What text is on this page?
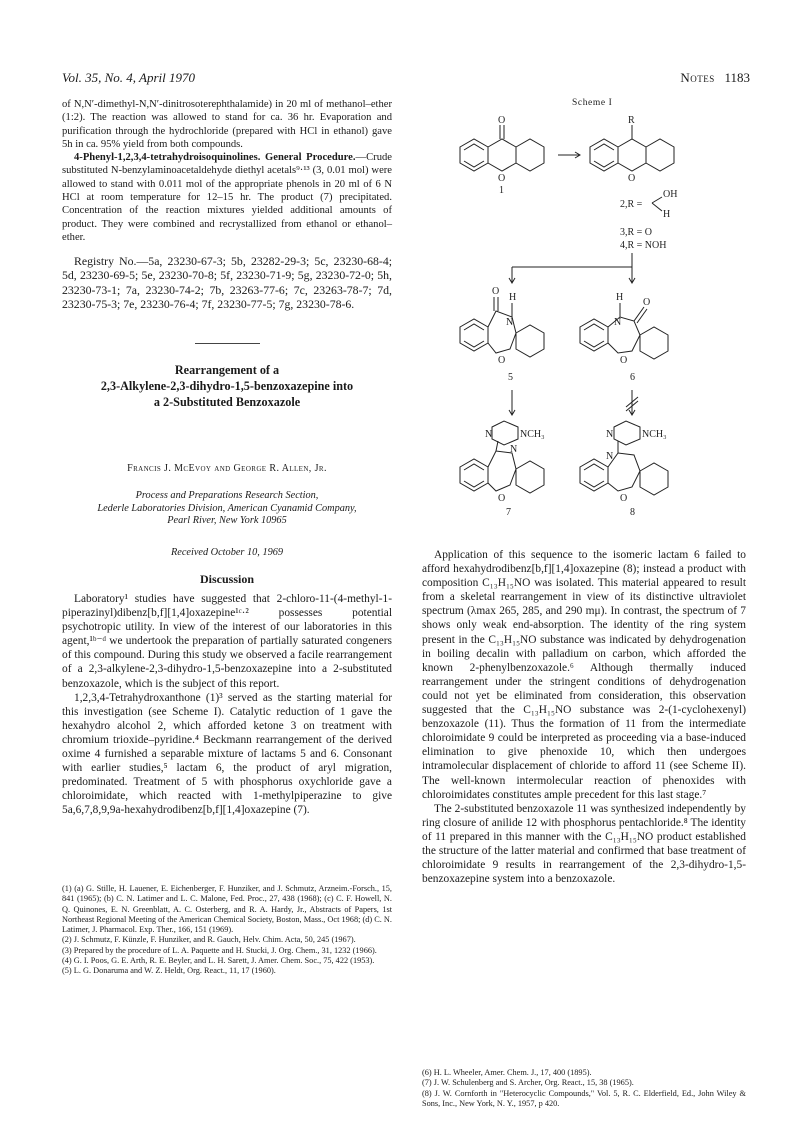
Vol. 35, No. 4, April 1970	Notes 1183

of N,N′-dimethyl-N,N′-dinitrosoterephthalamide) in 20 ml of methanol–ether (1:2). The reaction was allowed to stand for ca. 36 hr. Evaporation and purification through the hydrochloride (prepared with HCl in ethanol) gave 5h in ca. 95% yield from both compounds.

4-Phenyl-1,2,3,4-tetrahydroisoquinolines. General Procedure.—Crude substituted N-benzylaminoacetaldehyde diethyl acetals⁹·¹³ (3, 0.01 mol) were allowed to stand with 0.011 mol of the appropriate phenols in 20 ml of 6 N HCl at room temperature for 12–15 hr. The product (7) precipitated. Concentration of the reaction mixtures yielded additional amounts of product. They were combined and recrystallized from ethanol or ethanol–ether.

Registry No.—5a, 23230-67-3; 5b, 23282-29-3; 5c, 23230-68-4; 5d, 23230-69-5; 5e, 23230-70-8; 5f, 23230-71-9; 5g, 23230-72-0; 5h, 23230-73-1; 7a, 23230-74-2; 7b, 23263-77-6; 7c, 23263-78-7; 7d, 23230-75-3; 7e, 23230-76-4; 7f, 23230-77-5; 7g, 23230-78-6.

Rearrangement of a
2,3-Alkylene-2,3-dihydro-1,5-benzoxazepine into
a 2-Substituted Benzoxazole
Francis J. McEvoy and George R. Allen, Jr.
Process and Preparations Research Section,
Lederle Laboratories Division, American Cyanamid Company,
Pearl River, New York 10965
Received October 10, 1969
Discussion

Laboratory¹ studies have suggested that 2-chloro-11-(4-methyl-1-piperazinyl)dibenz[b,f][1,4]oxazepine¹ᶜ·² possesses potential psychotropic utility. In view of the interest of our laboratories in this agent,¹ᵇ⁻ᵈ we undertook the preparation of partially saturated congeners of this compound. During this study we observed a facile rearrangement of a 2,3-alkylene-2,3-dihydro-1,5-benzoxazepine into a 2-substituted benzoxazole, which is the subject of this report.

1,2,3,4-Tetrahydroxanthone (1)³ served as the starting material for this investigation (see Scheme I). Catalytic reduction of 1 gave the hexahydro alcohol 2, which afforded ketone 3 on treatment with chromium trioxide–pyridine.⁴ Beckmann rearrangement of the derived oxime 4 furnished a separable mixture of lactams 5 and 6. Consonant with earlier studies,⁵ lactam 6, the product of aryl migration, predominated. Treatment of 5 with phosphorus oxychloride gave a chloroimidate, which reacted with 1-methylpiperazine to give 5a,6,7,8,9,9a-hexahydrodibenz[b,f][1,4]oxazepine (7).

(1) (a) G. Stille, H. Lauener, E. Eichenberger, F. Hunziker, and J. Schmutz, Arzneim.-Forsch., 15, 841 (1965); (b) C. N. Latimer and L. C. Malone, Fed. Proc., 27, 438 (1968); (c) C. F. Howell, N. Q. Quinones, E. N. Greenblatt, A. C. Osterberg, and R. A. Hardy, Jr., Abstracts of Papers, 1st Northeast Regional Meeting of the American Chemical Society, Boston, Mass., Oct 1968; (d) C. N. Latimer, J. Pharmacol. Exp. Ther., 166, 151 (1969).

(2) J. Schmutz, F. Künzle, F. Hunziker, and R. Gauch, Helv. Chim. Acta, 50, 245 (1967).

(3) Prepared by the procedure of L. A. Paquette and H. Stucki, J. Org. Chem., 31, 1232 (1966).

(4) G. I. Poos, G. E. Arth, R. E. Beyler, and L. H. Sarett, J. Amer. Chem. Soc., 75, 422 (1953).

(5) L. G. Donaruma and W. Z. Heldt, Org. React., 11, 17 (1960).

Scheme I
O
O
1
R
O
2,R =
OH
H
3,R = O
4,R = NOH
O
H
N
O
5
O
H
N
O
6
N	NCH₃
N
O
7
N	NCH₃
N
O
8

Application of this sequence to the isomeric lactam 6 failed to afford hexahydrodibenz[b,f][1,4]oxazepine (8); instead a product with composition C₁₃H₁₅NO was isolated. This material appeared to result from a skeletal rearrangement in view of its distinctive ultraviolet spectrum (λmax 265, 285, and 290 mμ). In contrast, the spectrum of 7 shows only weak end-absorption. The identity of the ring system present in the C₁₃H₁₅NO substance was indicated by dehydrogenation in boiling decalin with palladium on carbon, which afforded the known 2-phenylbenzoxazole.⁶ Although thermally induced rearrangement under the stringent conditions of dehydrogenation could not yet be eliminated from consideration, this observation suggested that the C₁₃H₁₅NO substance was 2-(1-cyclohexenyl) benzoxazole (11). Thus the formation of 11 from the intermediate chloroimidate 9 could be interpreted as proceeding via a base-induced elimination to give phenoxide 10, which then undergoes intramolecular displacement of chloride to afford 11 (see Scheme II). The well-known intermolecular reaction of phenoxides with chloroimidates constitutes ample precedent for this last stage.⁷

The 2-substituted benzoxazole 11 was synthesized independently by ring closure of anilide 12 with phosphorus pentachloride.⁸ The identity of 11 prepared in this manner with the C₁₃H₁₅NO product established the structure of the latter material and confirmed that base treatment of chloroimidate 9 results in rearrangement of the 2,3-dihydro-1,5-benzoxazepine system into a benzoxazole.

(6) H. L. Wheeler, Amer. Chem. J., 17, 400 (1895).

(7) J. W. Schulenberg and S. Archer, Org. React., 15, 38 (1965).

(8) J. W. Cornforth in "Heterocyclic Compounds," Vol. 5, R. C. Elderfield, Ed., John Wiley & Sons, Inc., New York, N. Y., 1957, p 420.
